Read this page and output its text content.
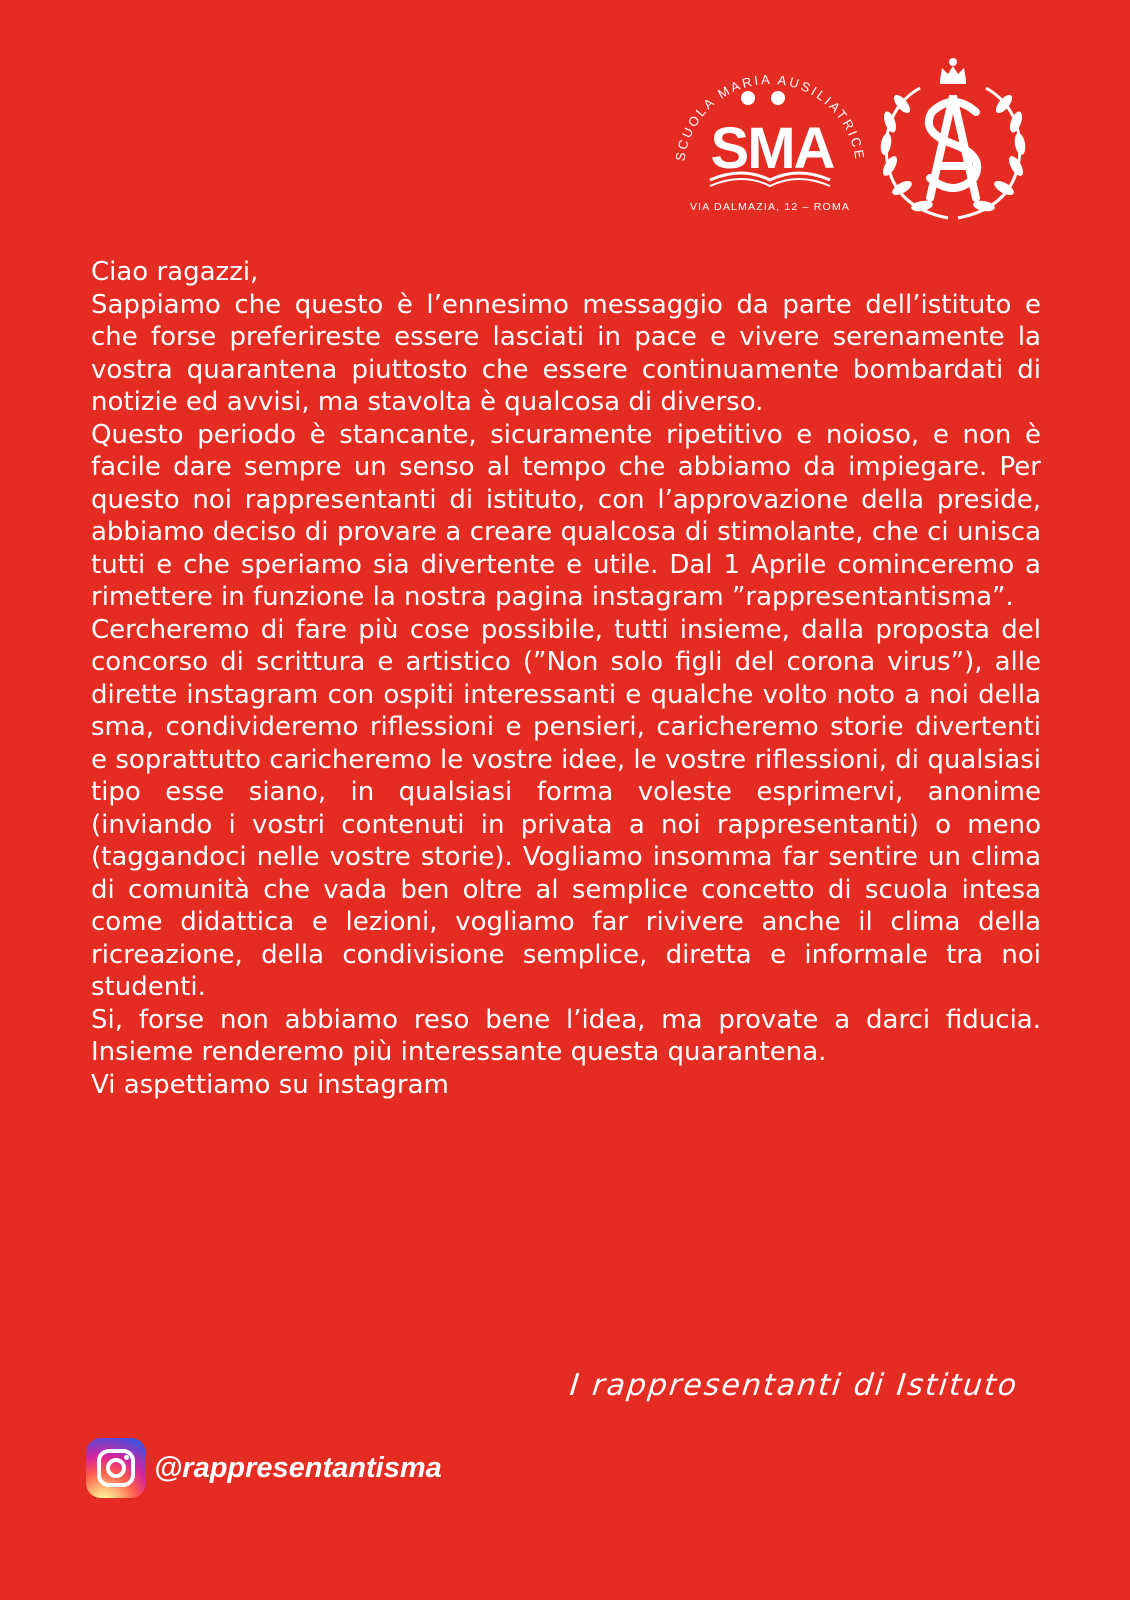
SCUOLA MARIA AUSILIATRICE
SMA
VIA DALMAZIA, 12 – ROMA

Ciao ragazzi,

Sappiamo che questo è l’ennesimo messaggio da parte dell’istituto e che forse preferireste essere lasciati in pace e vivere serenamente la vostra quarantena piuttosto che essere continuamente bombardati di notizie ed avvisi, ma stavolta è qualcosa di diverso.

Questo periodo è stancante, sicuramente ripetitivo e noioso, e non è facile dare sempre un senso al tempo che abbiamo da impiegare. Per questo noi rappresentanti di istituto, con l’approvazione della preside, abbiamo deciso di provare a creare qualcosa di stimolante, che ci unisca tutti e che speriamo sia divertente e utile. Dal 1 Aprile cominceremo a rimettere in funzione la nostra pagina instagram ”rappresentantisma”.

Cercheremo di fare più cose possibile, tutti insieme, dalla proposta del concorso di scrittura e artistico (”Non solo figli del corona virus”), alle dirette instagram con ospiti interessanti e qualche volto noto a noi della sma, condivideremo riflessioni e pensieri, caricheremo storie divertenti e soprattutto caricheremo le vostre idee, le vostre riflessioni, di qualsiasi tipo esse siano, in qualsiasi forma voleste esprimervi, anonime (inviando i vostri contenuti in privata a noi rappresentanti) o meno (taggandoci nelle vostre storie). Vogliamo insomma far sentire un clima di comunità che vada ben oltre al semplice concetto di scuola intesa come didattica e lezioni, vogliamo far rivivere anche il clima della ricreazione, della condivisione semplice, diretta e informale tra noi studenti.

Si, forse non abbiamo reso bene l’idea, ma provate a darci fiducia. Insieme renderemo più interessante questa quarantena.

Vi aspettiamo su instagram

I rappresentanti di Istituto
@rappresentantisma
